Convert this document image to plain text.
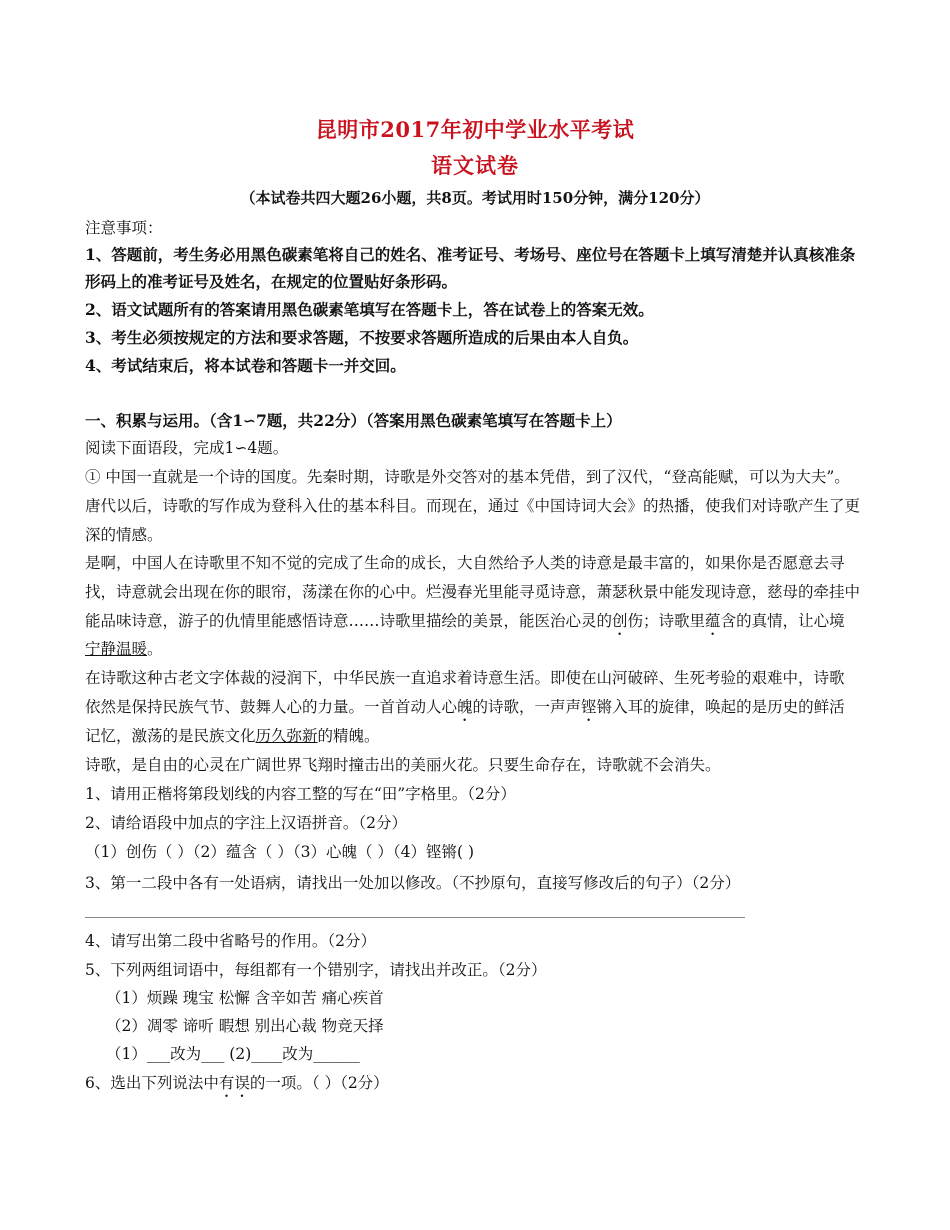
昆明市2017年初中学业水平考试
语文试卷
（本试卷共四大题26小题，共8页。考试用时150分钟，满分120分）
注意事项：
1、答题前，考生务必用黑色碳素笔将自己的姓名、准考证号、考场号、座位号在答题卡上填写清楚并认真核准条
形码上的准考证号及姓名，在规定的位置贴好条形码。
2、语文试题所有的答案请用黑色碳素笔填写在答题卡上，答在试卷上的答案无效。
3、考生必须按规定的方法和要求答题，不按要求答题所造成的后果由本人自负。
4、考试结束后，将本试卷和答题卡一并交回。
一、积累与运用。（含1∽7题，共22分）（答案用黑色碳素笔填写在答题卡上）
阅读下面语段，完成1∽4题。
① 中国一直就是一个诗的国度。先秦时期，诗歌是外交答对的基本凭借，到了汉代，“登高能赋，可以为大夫”。
唐代以后，诗歌的写作成为登科入仕的基本科目。而现在，通过《中国诗词大会》的热播，使我们对诗歌产生了更
深的情感。
是啊，中国人在诗歌里不知不觉的完成了生命的成长，大自然给予人类的诗意是最丰富的，如果你是否愿意去寻
找，诗意就会出现在你的眼帘，荡漾在你的心中。烂漫春光里能寻觅诗意，萧瑟秋景中能发现诗意，慈母的牵挂中
能品味诗意，游子的仇情里能感悟诗意……诗歌里描绘的美景，能医治心灵的创伤；诗歌里蕴含的真情，让心境
宁静温暖。
在诗歌这种古老文字体裁的浸润下，中华民族一直追求着诗意生活。即使在山河破碎、生死考验的艰难中，诗歌
依然是保持民族气节、鼓舞人心的力量。一首首动人心魄的诗歌，一声声铿锵入耳的旋律，唤起的是历史的鲜活
记忆，激荡的是民族文化历久弥新的精魄。
诗歌，是自由的心灵在广阔世界飞翔时撞击出的美丽火花。只要生命存在，诗歌就不会消失。
1、请用正楷将第段划线的内容工整的写在“田”字格里。（2分）
2、请给语段中加点的字注上汉语拼音。（2分）
（1）创伤（ ）（2）蕴含（ ）（3）心魄（ ）（4）铿锵( )
3、第一二段中各有一处语病，请找出一处加以修改。（不抄原句，直接写修改后的句子）（2分）
4、请写出第二段中省略号的作用。（2分）
5、下列两组词语中，每组都有一个错别字，请找出并改正。（2分）
（1）烦躁 瑰宝 松懈 含辛如苦 痛心疾首
（2）凋零 谛听 暇想 别出心裁 物竞天择
（1）___改为___ (2)____改为______
6、选出下列说法中有误的一项。（ ）（2分）
